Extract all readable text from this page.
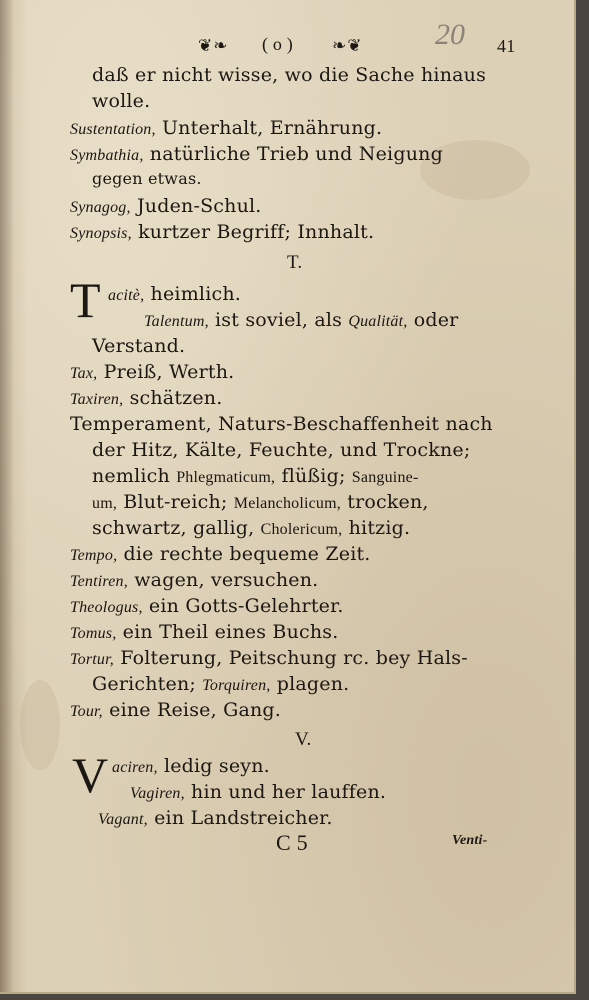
❦❧ ( o ) ❧❦ 20 41
daß er nicht wisse, wo die Sache hinaus
wolle.
Sustentation, Unterhalt, Ernährung.
Symbathia, natürliche Trieb und Neigung
gegen etwas.
Synagog, Juden-Schul.
Synopsis, kurtzer Begriff; Innhalt.
T.
T acitè, heimlich.
Talentum, ist soviel, als Qualität, oder
Verstand.
Tax, Preiß, Werth.
Taxiren, schätzen.
Temperament, Naturs-Beschaffenheit nach
der Hitz, Kälte, Feuchte, und Trockne;
nemlich Phlegmaticum, flüßig; Sanguine-
um, Blut-reich; Melancholicum, trocken,
schwartz, gallig, Cholericum, hitzig.
Tempo, die rechte bequeme Zeit.
Tentiren, wagen, versuchen.
Theologus, ein Gotts-Gelehrter.
Tomus, ein Theil eines Buchs.
Tortur, Folterung, Peitschung rc. bey Hals-
Gerichten; Torquiren, plagen.
Tour, eine Reise, Gang.
V.
V aciren, ledig seyn.
Vagiren, hin und her lauffen.
Vagant, ein Landstreicher.
C 5	Venti-
